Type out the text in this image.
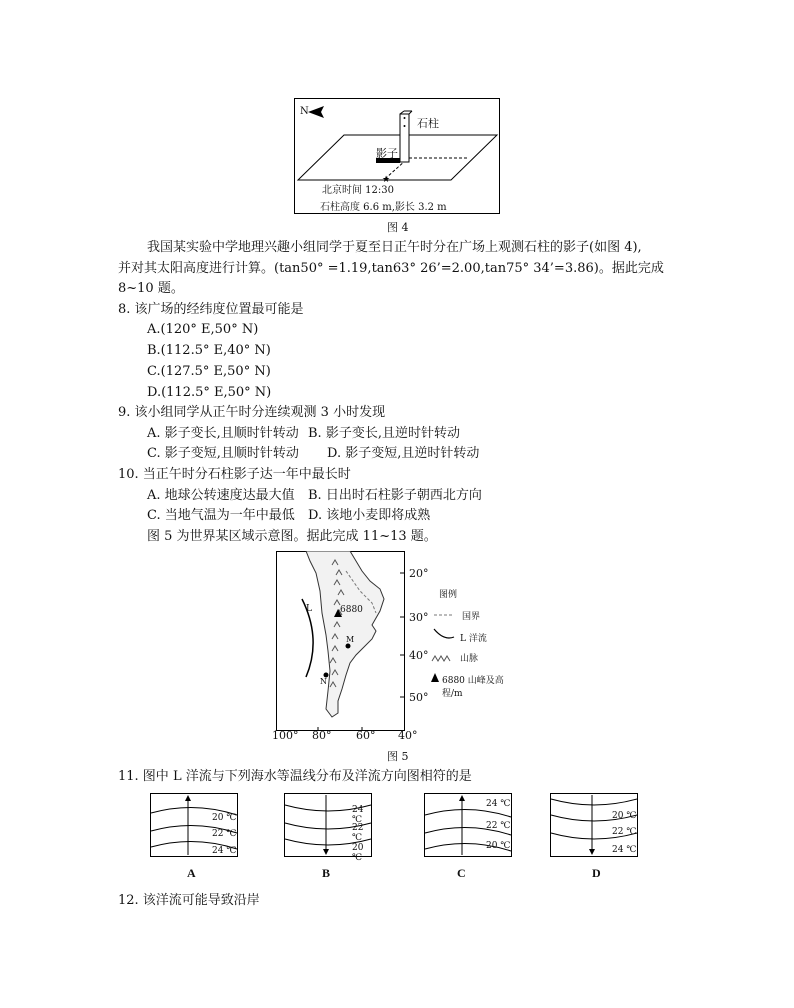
★
N
石柱
影子
北京时间 12:30
石柱高度 6.6 m,影长 3.2 m
图 4
我国某实验中学地理兴趣小组同学于夏至日正午时分在广场上观测石柱的影子(如图 4),
并对其太阳高度进行计算。(tan50° =1.19,tan63° 26’=2.00,tan75° 34’=3.86)。据此完成
8~10 题。
8. 该广场的经纬度位置最可能是
A.(120° E,50° N)
B.(112.5° E,40° N)
C.(127.5° E,50° N)
D.(112.5° E,50° N)
9. 该小组同学从正午时分连续观测 3 小时发现
A. 影子变长,且顺时针转动 B. 影子变长,且逆时针转动
C. 影子变短,且顺时针转动 D. 影子变短,且逆时针转动
10. 当正午时分石柱影子达一年中最长时
A. 地球公转速度达最大值 B. 日出时石柱影子朝西北方向
C. 当地气温为一年中最低 D. 该地小麦即将成熟
图 5 为世界某区域示意图。据此完成 11~13 题。
20°
30°
40°
50°
100° 80° 60° 40°
L	6880
M
N
图例
国界
L 洋流
山脉
6880 山峰及高程/m
图 5
11. 图中 L 洋流与下列海水等温线分布及洋流方向图相符的是
20 ℃
22 ℃
24 ℃
A
24 ℃
22 ℃
20 ℃
B
24 ℃
22 ℃
20 ℃
C
20 ℃
22 ℃
24 ℃
D
12. 该洋流可能导致沿岸
